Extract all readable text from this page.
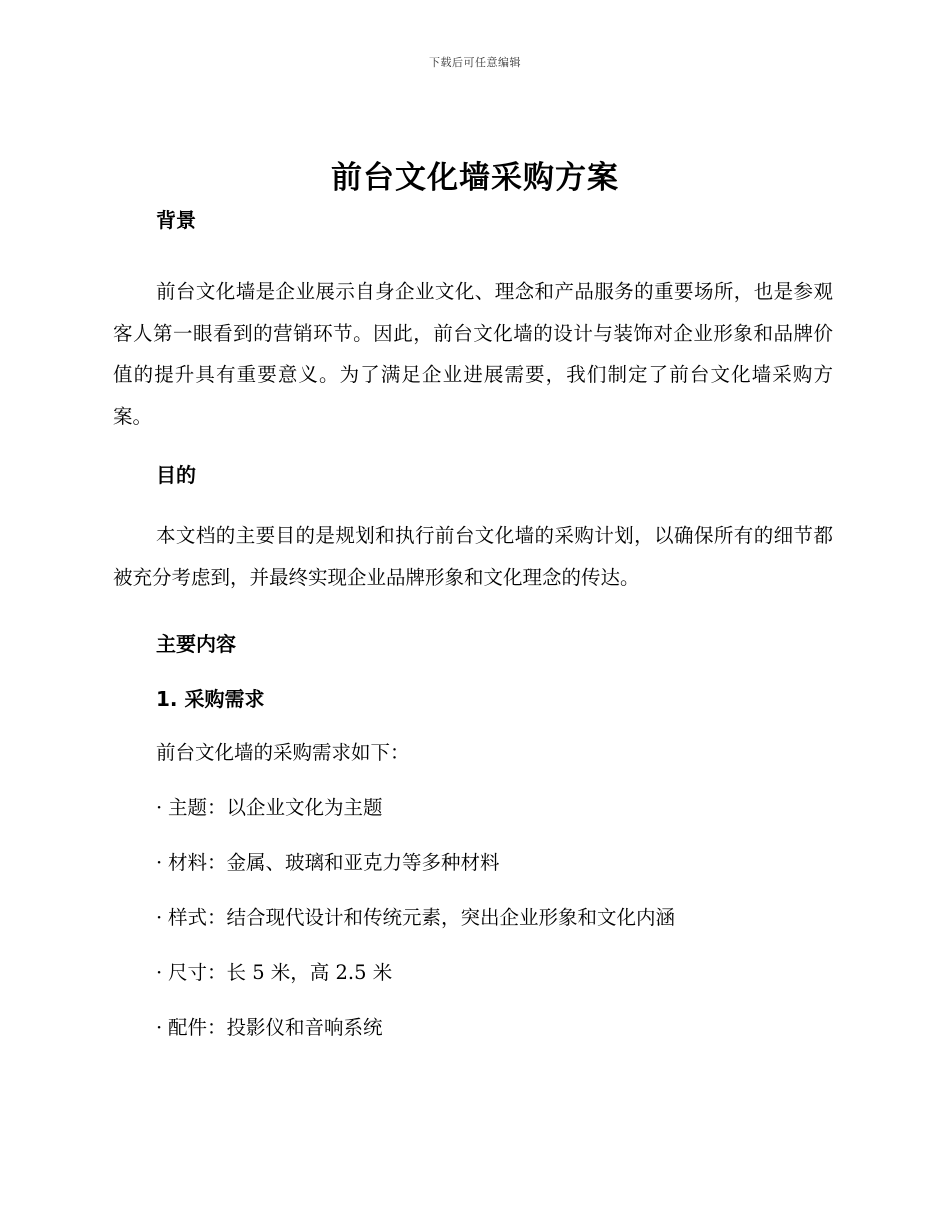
下载后可任意编辑
前台文化墙采购方案
背景

前台文化墙是企业展示自身企业文化、理念和产品服务的重要场所，也是参观客人第一眼看到的营销环节。因此，前台文化墙的设计与装饰对企业形象和品牌价值的提升具有重要意义。为了满足企业进展需要，我们制定了前台文化墙采购方案。

目的

本文档的主要目的是规划和执行前台文化墙的采购计划，以确保所有的细节都被充分考虑到，并最终实现企业品牌形象和文化理念的传达。

主要内容
1. 采购需求

前台文化墙的采购需求如下：

· 主题：以企业文化为主题
· 材料：金属、玻璃和亚克力等多种材料
· 样式：结合现代设计和传统元素，突出企业形象和文化内涵
· 尺寸：长 5 米，高 2.5 米
· 配件：投影仪和音响系统
